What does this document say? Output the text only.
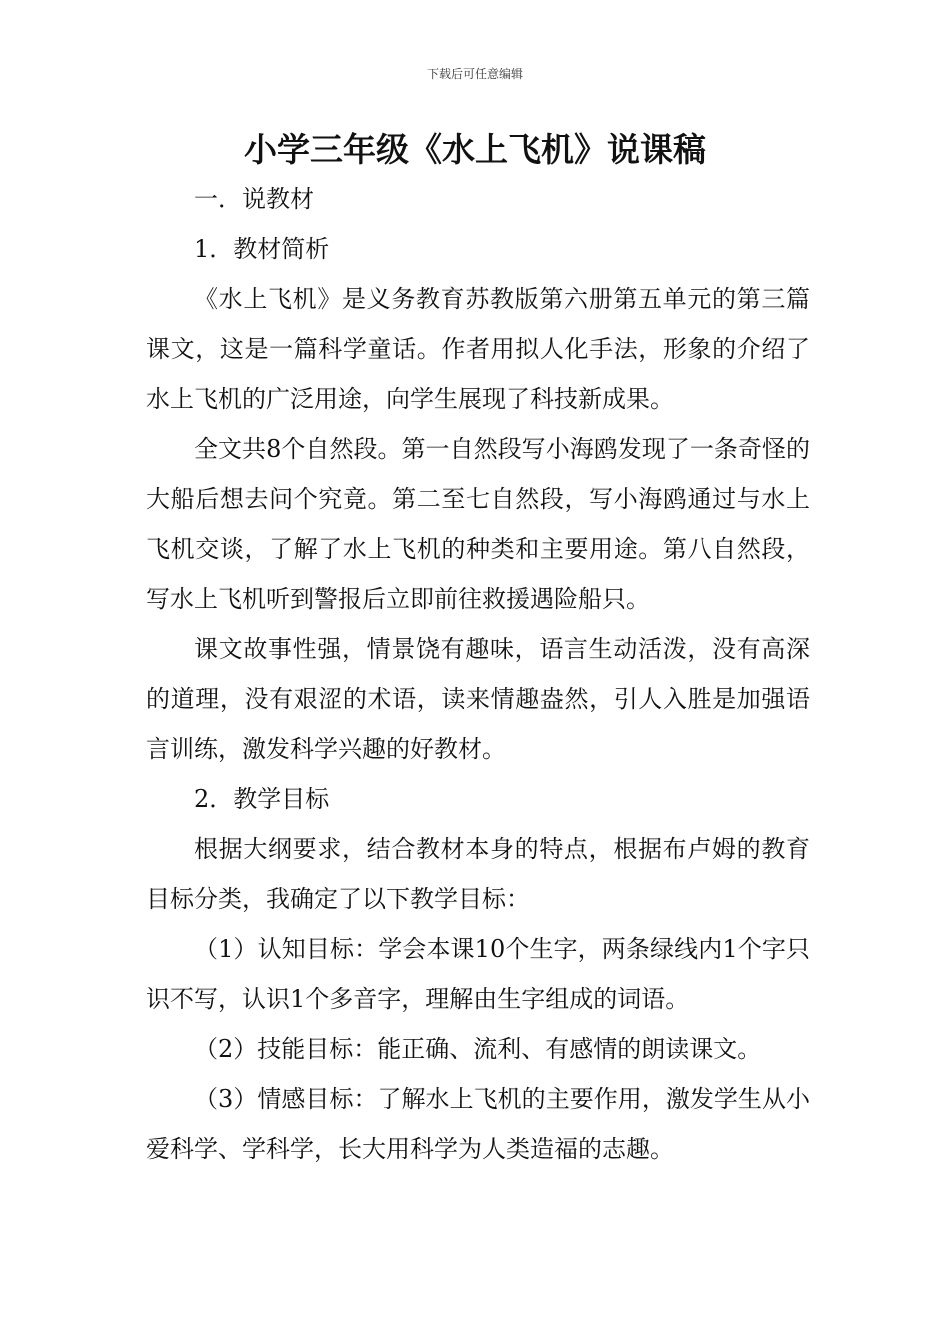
下载后可任意编辑
小学三年级《水上飞机》说课稿

一．说教材

1．教材简析

《水上飞机》是义务教育苏教版第六册第五单元的第三篇课文，这是一篇科学童话。作者用拟人化手法，形象的介绍了水上飞机的广泛用途，向学生展现了科技新成果。

全文共8个自然段。第一自然段写小海鸥发现了一条奇怪的大船后想去问个究竟。第二至七自然段，写小海鸥通过与水上飞机交谈，了解了水上飞机的种类和主要用途。第八自然段，写水上飞机听到警报后立即前往救援遇险船只。

课文故事性强，情景饶有趣味，语言生动活泼，没有高深的道理，没有艰涩的术语，读来情趣盎然，引人入胜是加强语言训练，激发科学兴趣的好教材。

2．教学目标

根据大纲要求，结合教材本身的特点，根据布卢姆的教育目标分类，我确定了以下教学目标：

（1）认知目标：学会本课10个生字，两条绿线内1个字只识不写，认识1个多音字，理解由生字组成的词语。

（2）技能目标：能正确、流利、有感情的朗读课文。

（3）情感目标：了解水上飞机的主要作用，激发学生从小爱科学、学科学，长大用科学为人类造福的志趣。
